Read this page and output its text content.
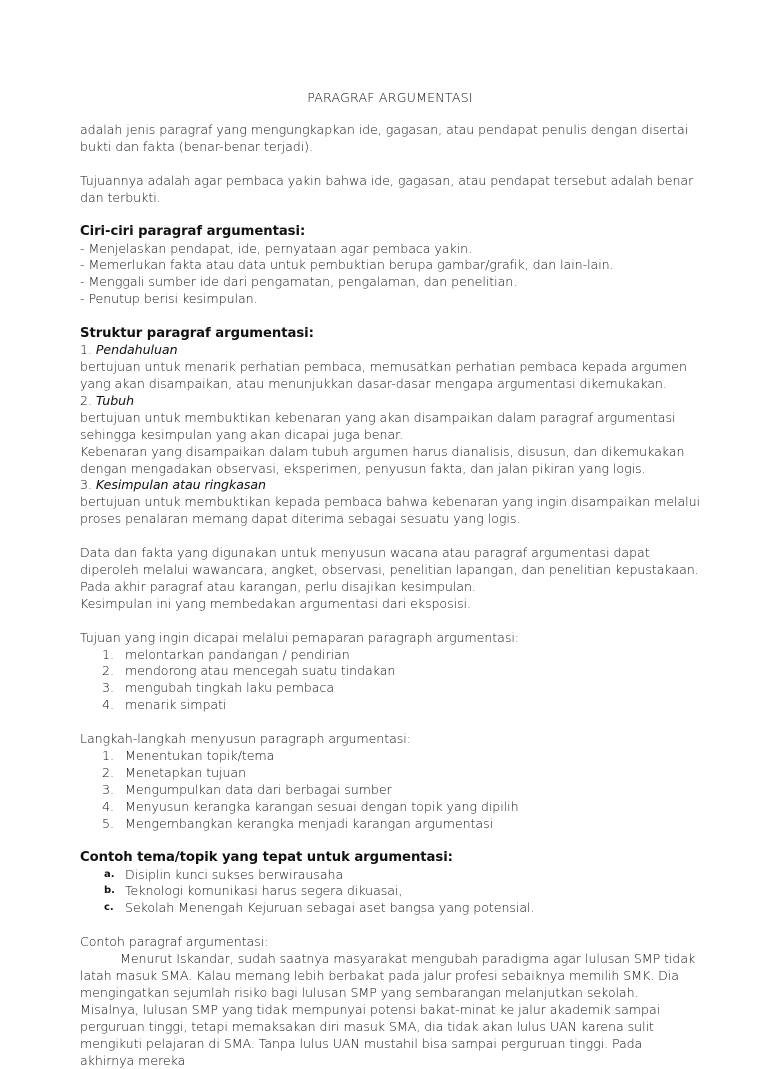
PARAGRAF ARGUMENTASI

adalah jenis paragraf yang mengungkapkan ide, gagasan, atau pendapat penulis dengan disertai bukti dan fakta (benar-benar terjadi).

Tujuannya adalah agar pembaca yakin bahwa ide, gagasan, atau pendapat tersebut adalah benar dan terbukti.

Ciri-ciri paragraf argumentasi:

- Menjelaskan pendapat, ide, pernyataan agar pembaca yakin.

- Memerlukan fakta atau data untuk pembuktian berupa gambar/grafik, dan lain-lain.

- Menggali sumber ide dari pengamatan, pengalaman, dan penelitian.

- Penutup berisi kesimpulan.

Struktur paragraf argumentasi:

1. Pendahuluan

bertujuan untuk menarik perhatian pembaca, memusatkan perhatian pembaca kepada argumen yang akan disampaikan, atau menunjukkan dasar-dasar mengapa argumentasi dikemukakan.

2. Tubuh

bertujuan untuk membuktikan kebenaran yang akan disampaikan dalam paragraf argumentasi sehingga kesimpulan yang akan dicapai juga benar.

Kebenaran yang disampaikan dalam tubuh argumen harus dianalisis, disusun, dan dikemukakan dengan mengadakan observasi, eksperimen, penyusun fakta, dan jalan pikiran yang logis.

3. Kesimpulan atau ringkasan

bertujuan untuk membuktikan kepada pembaca bahwa kebenaran yang ingin disampaikan melalui proses penalaran memang dapat diterima sebagai sesuatu yang logis.

Data dan fakta yang digunakan untuk menyusun wacana atau paragraf argumentasi dapat diperoleh melalui wawancara, angket, observasi, penelitian lapangan, dan penelitian kepustakaan.

Pada akhir paragraf atau karangan, perlu disajikan kesimpulan.

Kesimpulan ini yang membedakan argumentasi dari eksposisi.

Tujuan yang ingin dicapai melalui pemaparan paragraph argumentasi:

1. melontarkan pandangan / pendirian
2. mendorong atau mencegah suatu tindakan
3. mengubah tingkah laku pembaca
4. menarik simpati

Langkah-langkah menyusun paragraph argumentasi:

1. Menentukan topik/tema
2. Menetapkan tujuan
3. Mengumpulkan data dari berbagai sumber
4. Menyusun kerangka karangan sesuai dengan topik yang dipilih
5. Mengembangkan kerangka menjadi karangan argumentasi

Contoh tema/topik yang tepat untuk argumentasi:

a. Disiplin kunci sukses berwirausaha
b. Teknologi komunikasi harus segera dikuasai,
c. Sekolah Menengah Kejuruan sebagai aset bangsa yang potensial.

Contoh paragraf argumentasi:

Menurut Iskandar, sudah saatnya masyarakat mengubah paradigma agar lulusan SMP tidak latah masuk SMA. Kalau memang lebih berbakat pada jalur profesi sebaiknya memilih SMK. Dia mengingatkan sejumlah risiko bagi lulusan SMP yang sembarangan melanjutkan sekolah. Misalnya, lulusan SMP yang tidak mempunyai potensi bakat-minat ke jalur akademik sampai perguruan tinggi, tetapi memaksakan diri masuk SMA, dia tidak akan lulus UAN karena sulit mengikuti pelajaran di SMA. Tanpa lulus UAN mustahil bisa sampai perguruan tinggi. Pada akhirnya mereka
